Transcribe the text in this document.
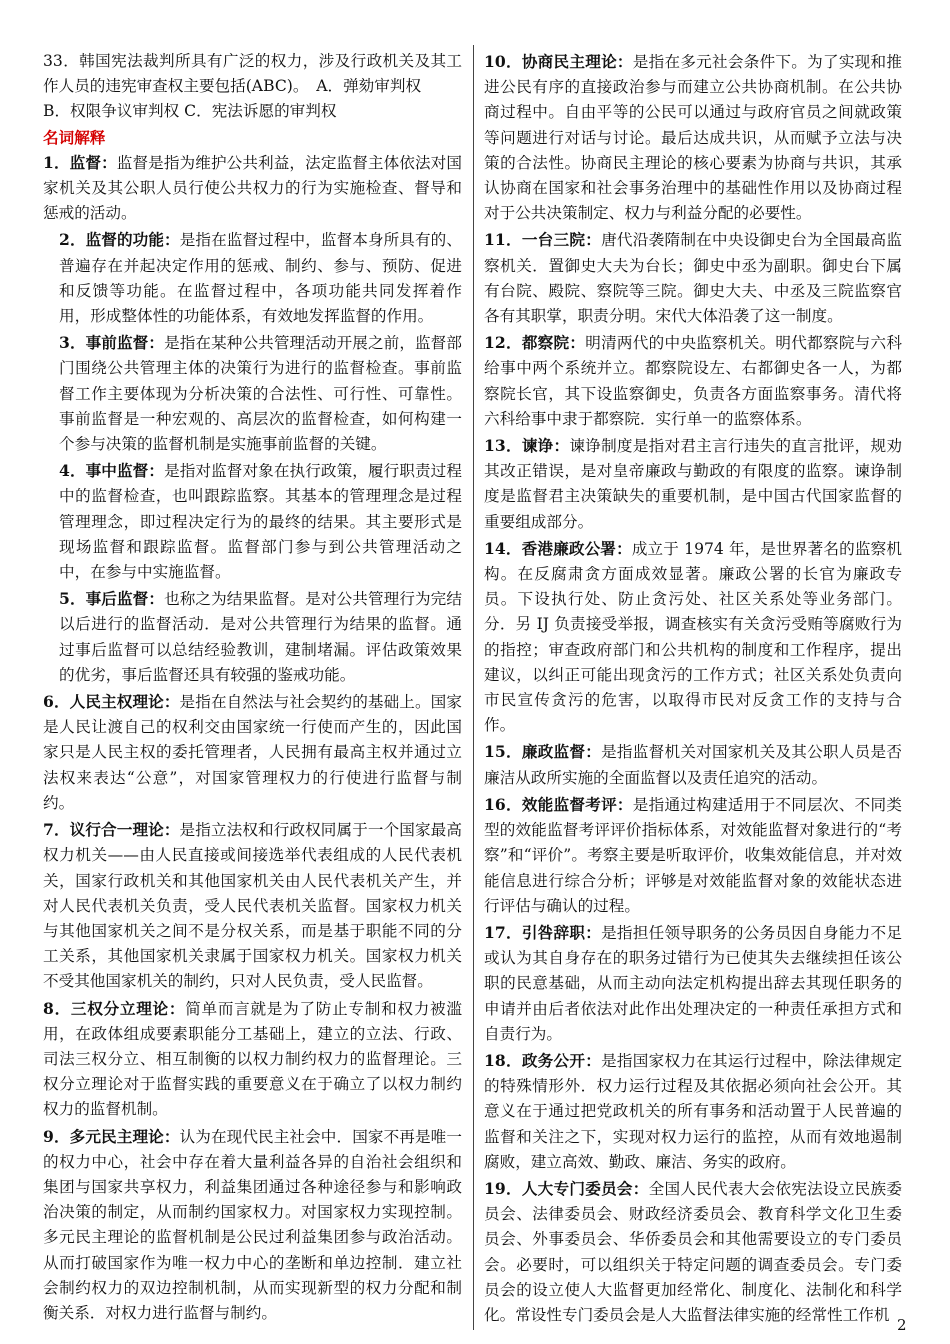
33．韩国宪法裁判所具有广泛的权力，涉及行政机关及其工作人员的违宪审查权主要包括(ABC)。　A．弹劾审判权
B．权限争议审判权 C．宪法诉愿的审判权

名词解释

1．监督：监督是指为维护公共利益，法定监督主体依法对国家机关及其公职人员行使公共权力的行为实施检查、督导和惩戒的活动。

2．监督的功能：是指在监督过程中，监督本身所具有的、普遍存在并起决定作用的惩戒、制约、参与、预防、促进和反馈等功能。在监督过程中，各项功能共同发挥着作用，形成整体性的功能体系，有效地发挥监督的作用。

3．事前监督：是指在某种公共管理活动开展之前，监督部门围绕公共管理主体的决策行为进行的监督检查。事前监督工作主要体现为分析决策的合法性、可行性、可靠性。事前监督是一种宏观的、高层次的监督检查，如何构建一个参与决策的监督机制是实施事前监督的关键。

4．事中监督：是指对监督对象在执行政策，履行职责过程中的监督检查，也叫跟踪监察。其基本的管理理念是过程管理理念，即过程决定行为的最终的结果。其主要形式是现场监督和跟踪监督。监督部门参与到公共管理活动之中，在参与中实施监督。

5．事后监督：也称之为结果监督。是对公共管理行为完结以后进行的监督活动．是对公共管理行为结果的监督。通过事后监督可以总结经验教训，建制堵漏。评估政策效果的优劣，事后监督还具有较强的鉴戒功能。

6．人民主权理论：是指在自然法与社会契约的基础上。国家是人民让渡自己的权利交由国家统一行使而产生的，因此国家只是人民主权的委托管理者，人民拥有最高主权并通过立法权来表达“公意”，对国家管理权力的行使进行监督与制约。

7．议行合一理论：是指立法权和行政权同属于一个国家最高权力机关——由人民直接或间接选举代表组成的人民代表机关，国家行政机关和其他国家机关由人民代表机关产生，并对人民代表机关负责，受人民代表机关监督。国家权力机关与其他国家机关之间不是分权关系，而是基于职能不同的分工关系，其他国家机关隶属于国家权力机关。国家权力机关不受其他国家机关的制约，只对人民负责，受人民监督。

8．三权分立理论：简单而言就是为了防止专制和权力被滥用，在政体组成要素职能分工基础上，建立的立法、行政、司法三权分立、相互制衡的以权力制约权力的监督理论。三权分立理论对于监督实践的重要意义在于确立了以权力制约权力的监督机制。

9．多元民主理论：认为在现代民主社会中．国家不再是唯一的权力中心，社会中存在着大量利益各异的自治社会组织和集团与国家共享权力，利益集团通过各种途径参与和影响政治决策的制定，从而制约国家权力。对国家权力实现控制。多元民主理论的监督机制是公民过利益集团参与政治活动。从而打破国家作为唯一权力中心的垄断和单边控制．建立社会制约权力的双边控制机制，从而实现新型的权力分配和制衡关系．对权力进行监督与制约。

10．协商民主理论：是指在多元社会条件下。为了实现和推进公民有序的直接政治参与而建立公共协商机制。在公共协商过程中。自由平等的公民可以通过与政府官员之间就政策等问题进行对话与讨论。最后达成共识，从而赋予立法与决策的合法性。协商民主理论的核心要素为协商与共识，其承认协商在国家和社会事务治理中的基础性作用以及协商过程对于公共决策制定、权力与利益分配的必要性。

11．一台三院：唐代沿袭隋制在中央设御史台为全国最高监察机关．置御史大夫为台长；御史中丞为副职。御史台下属有台院、殿院、察院等三院。御史大夫、中丞及三院监察官各有其职掌，职责分明。宋代大体沿袭了这一制度。

12．都察院：明清两代的中央监察机关。明代都察院与六科给事中两个系统并立。都察院设左、右都御史各一人，为都察院长官，其下设监察御史，负责各方面监察事务。清代将六科给事中隶于都察院．实行单一的监察体系。

13．谏诤：谏诤制度是指对君主言行违失的直言批评，规劝其改正错误，是对皇帝廉政与勤政的有限度的监察。谏诤制度是监督君主决策缺失的重要机制，是中国古代国家监督的重要组成部分。

14．香港廉政公署：成立于 1974 年，是世界著名的监察机构。在反腐肃贪方面成效显著。廉政公署的长官为廉政专员。下设执行处、防止贪污处、社区关系处等业务部门。分．另 IJ 负责接受举报，调查核实有关贪污受贿等腐败行为的指控；审查政府部门和公共机构的制度和工作程序，提出建议，以纠正可能出现贪污的工作方式；社区关系处负责向市民宣传贪污的危害，以取得市民对反贪工作的支持与合作。

15．廉政监督：是指监督机关对国家机关及其公职人员是否廉洁从政所实施的全面监督以及责任追究的活动。

16．效能监督考评：是指通过构建适用于不同层次、不同类型的效能监督考评评价指标体系，对效能监督对象进行的“考察”和“评价”。考察主要是听取评价，收集效能信息，并对效能信息进行综合分析；评够是对效能监督对象的效能状态进行评估与确认的过程。

17．引咎辞职：是指担任领导职务的公务员因自身能力不足或认为其自身存在的职务过错行为已使其失去继续担任该公职的民意基础，从而主动向法定机构提出辞去其现任职务的申请并由后者依法对此作出处理决定的一种责任承担方式和自责行为。

18．政务公开：是指国家权力在其运行过程中，除法律规定的特殊情形外．权力运行过程及其依据必须向社会公开。其意义在于通过把党政机关的所有事务和活动置于人民普遍的监督和关注之下，实现对权力运行的监控，从而有效地遏制腐败，建立高效、勤政、廉洁、务实的政府。

19．人大专门委员会：全国人民代表大会依宪法设立民族委员会、法律委员会、财政经济委员会、教育科学文化卫生委员会、外事委员会、华侨委员会和其他需要设立的专门委员会。必要时，可以组织关于特定问题的调查委员会。专门委员会的设立使人大监督更加经常化、制度化、法制化和科学化。常设性专门委员会是人大监督法律实施的经常性工作机

2
